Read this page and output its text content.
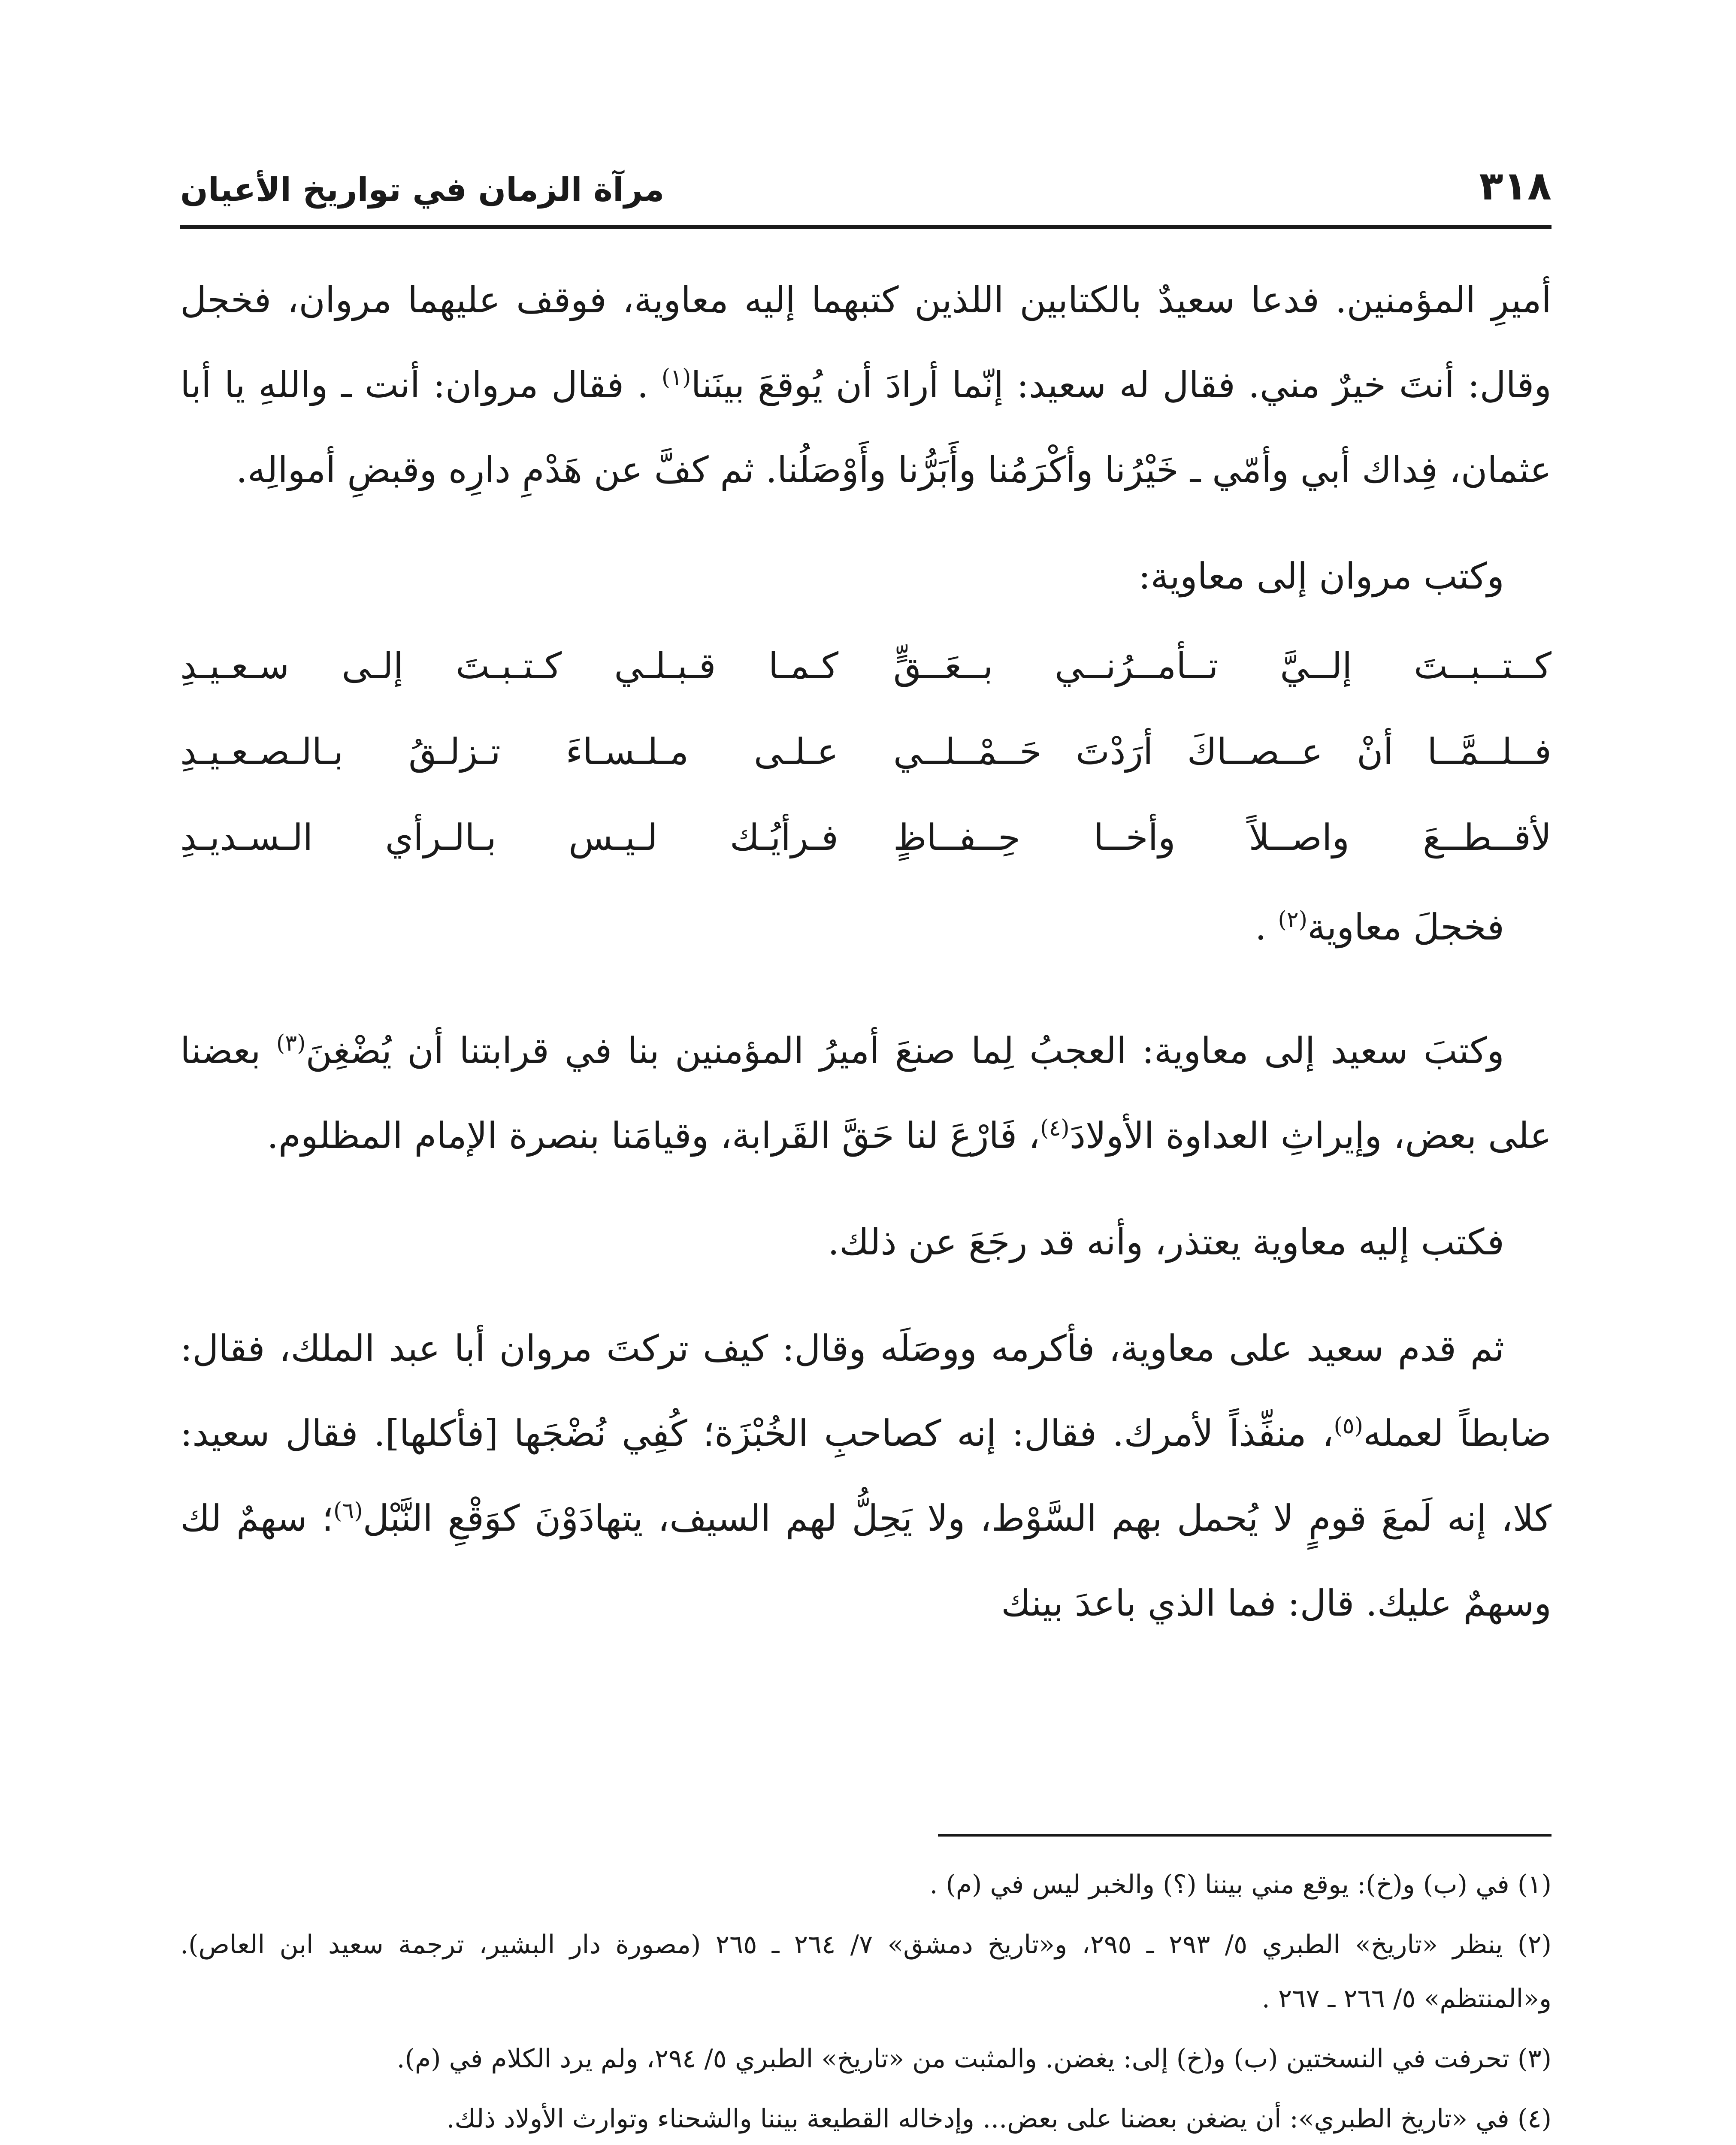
٣١٨
مرآة الزمان في تواريخ الأعيان

أميرِ المؤمنين. فدعا سعيدٌ بالكتابين اللذين كتبهما إليه معاوية، فوقف عليهما مروان، فخجل وقال: أنتَ خيرٌ مني. فقال له سعيد: إنّما أرادَ أن يُوقعَ بينَنا$^{(١)}$ . فقال مروان: أنت ـ واللهِ يا أبا عثمان، فِداك أبي وأمّي ـ خَيْرُنا وأكْرَمُنا وأَبَرُّنا وأَوْصَلُنا. ثم كفَّ عن هَدْمِ دارِه وقبضِ أموالِه.

وكتب مروان إلى معاوية:

كــتــبــتَ إلــيَّ تــأمــرُنــي بــعَــقٍّ
كـمـا قـبـلـي كـتـبـتَ إلـى سـعـيـدِ
فــلــمَّــا أنْ عــصــاكَ أرَدْتَ حَــمْــلــي
عـلـى مـلـسـاءَ تـزلـقُ بـالـصـعـيـدِ
لأقــطــعَ واصــلاً وأخــا حِــفــاظٍ
فـرأيُـك لـيـس بـالـرأي الـسـديـدِ

فخجلَ معاوية$^{(٢)}$ .

وكتبَ سعيد إلى معاوية: العجبُ لِما صنعَ أميرُ المؤمنين بنا في قرابتنا أن يُضْغِنَ$^{(٣)}$ بعضنا على بعض، وإيراثِ العداوة الأولادَ$^{(٤)}$، فَارْعَ لنا حَقَّ القَرابة، وقيامَنا بنصرة الإمام المظلوم.

فكتب إليه معاوية يعتذر، وأنه قد رجَعَ عن ذلك.

ثم قدم سعيد على معاوية، فأكرمه ووصَلَه وقال: كيف تركتَ مروان أبا عبد الملك، فقال: ضابطاً لعمله$^{(٥)}$، منفِّذاً لأمرك. فقال: إنه كصاحبِ الخُبْزَة؛ كُفِي نُضْجَها [فأكلها]. فقال سعيد: كلا، إنه لَمعَ قومٍ لا يُحمل بهم السَّوْط، ولا يَحِلُّ لهم السيف، يتهادَوْنَ كوَقْعِ النَّبْل$^{(٦)}$؛ سهمٌ لك وسهمٌ عليك. قال: فما الذي باعدَ بينك

(١) في (ب) و(خ): يوقع مني بيننا (؟) والخبر ليس في (م) .

(٢) ينظر «تاريخ» الطبري ٥/ ٢٩٣ ـ ٢٩٥، و«تاريخ دمشق» ٧/ ٢٦٤ ـ ٢٦٥ (مصورة دار البشير، ترجمة سعيد ابن العاص). و«المنتظم» ٥/ ٢٦٦ ـ ٢٦٧ .

(٣) تحرفت في النسختين (ب) و(خ) إلى: يغضن. والمثبت من «تاريخ» الطبري ٥/ ٢٩٤، ولم يرد الكلام في (م).

(٤) في «تاريخ الطبري»: أن يضغن بعضنا على بعض... وإدخاله القطيعة بيننا والشحناء وتوارث الأولاد ذلك.
